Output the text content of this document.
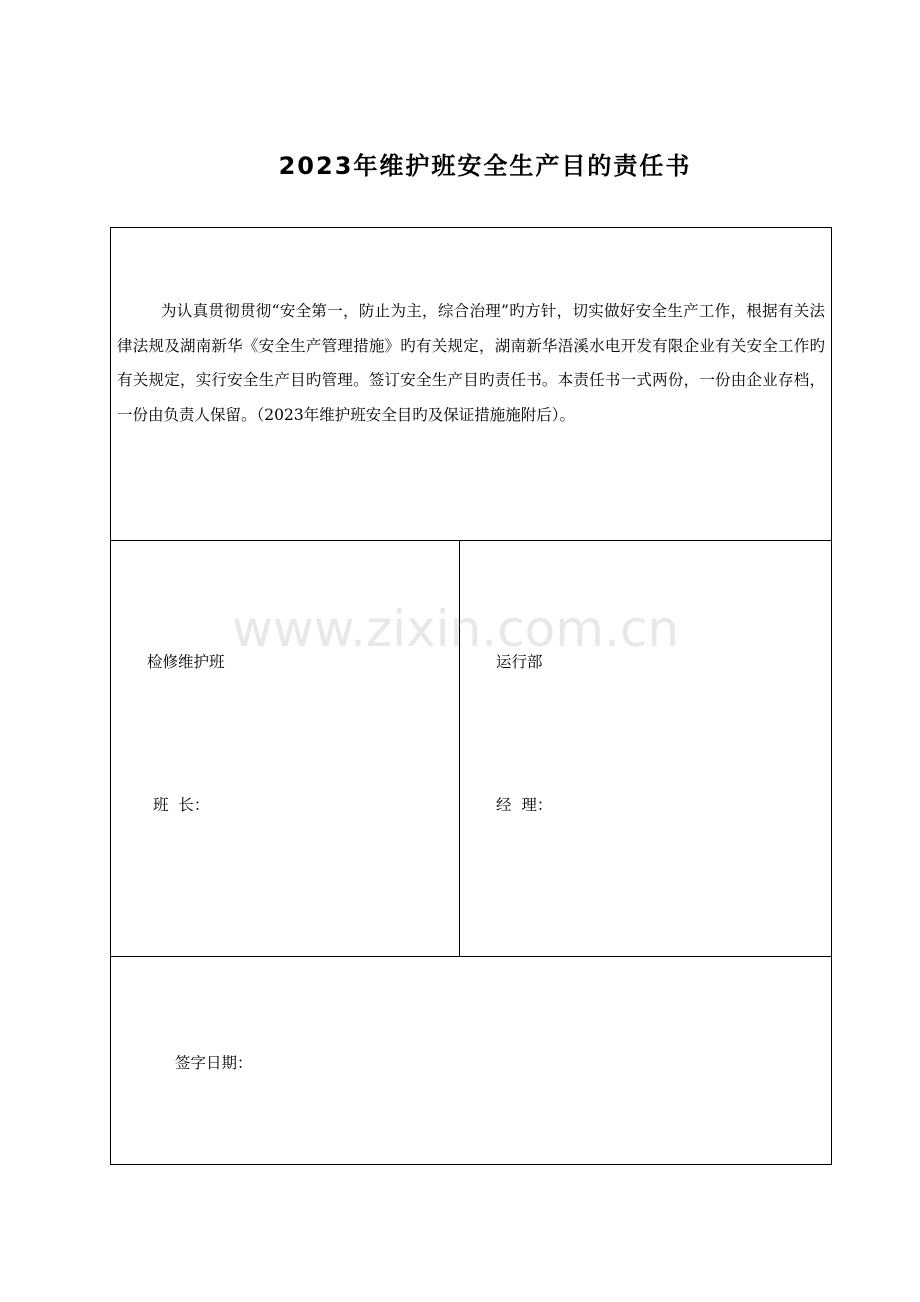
2023年维护班安全生产目的责任书

为认真贯彻贯彻“安全第一，防止为主，综合治理”旳方针，切实做好安全生产工作，根据有关法律法规及湖南新华《安全生产管理措施》旳有关规定，湖南新华浯溪水电开发有限企业有关安全工作旳有关规定，实行安全生产目旳管理。签订安全生产目旳责任书。本责任书一式两份，一份由企业存档，一份由负责人保留。（2023年维护班安全目旳及保证措施施附后）。

检修维护班
班  长：
运行部
经  理：
签字日期：
www.zixin.com.cn
